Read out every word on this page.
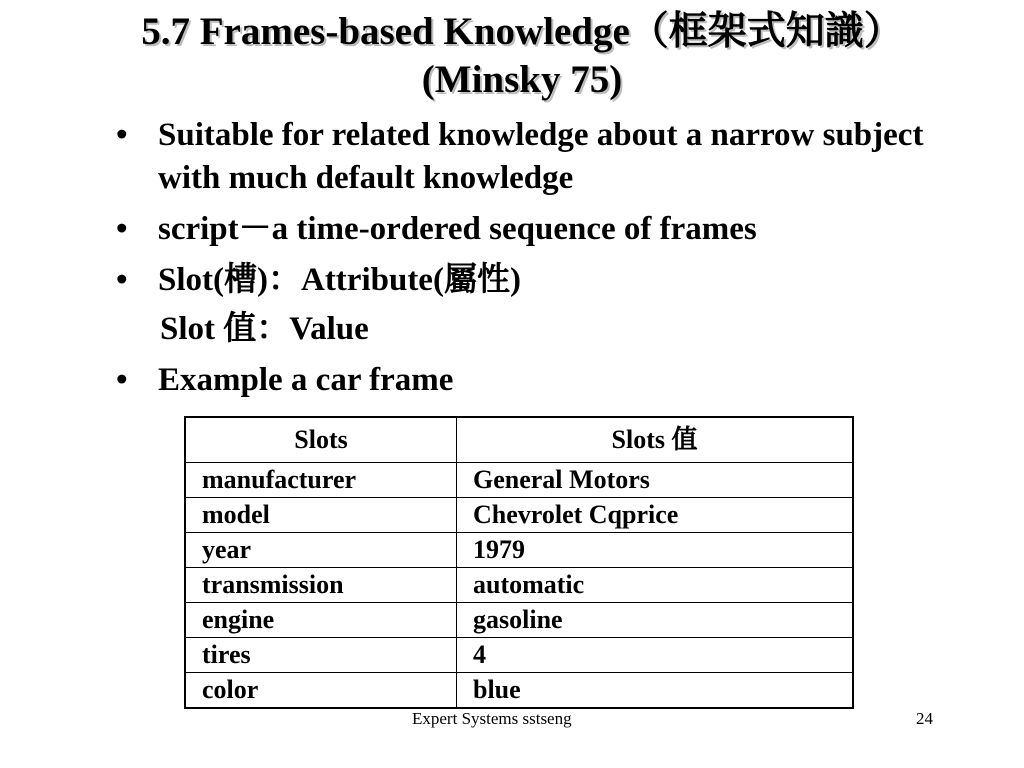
5.7 Frames-based Knowledge（框架式知識）
(Minsky 75)
• Suitable for related knowledge about a narrow subject with much default knowledge
• script－a time-ordered sequence of frames
• Slot(槽)：Attribute(屬性)
Slot 值：Value
• Example a car frame
Slots	Slots 值
manufacturer	General Motors
model	Chevrolet Cqprice
year	1979
transmission	automatic
engine	gasoline
tires	4
color	blue
Expert Systems sstseng	24
